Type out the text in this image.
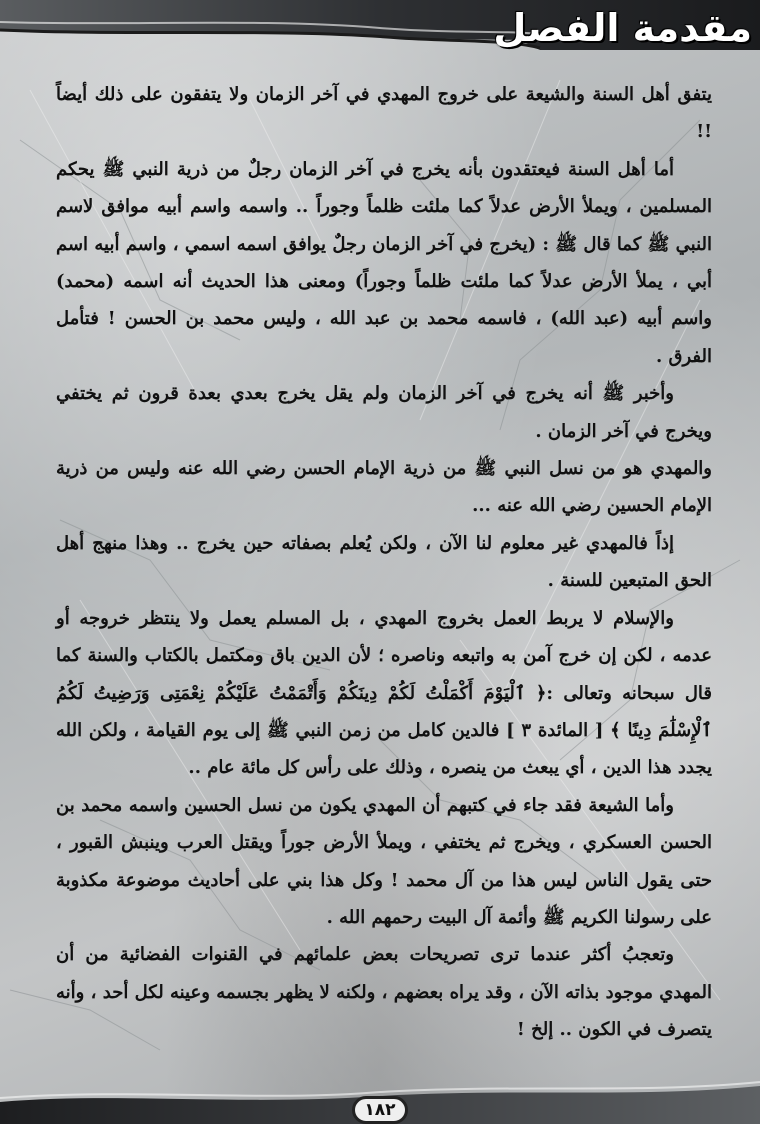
مقدمة الفصل

يتفق أهل السنة والشيعة على خروج المهدي في آخر الزمان ولا يتفقون على ذلك أيضاً !!

أما أهل السنة فيعتقدون بأنه يخرج في آخر الزمان رجلٌ من ذرية النبي ﷺ يحكم المسلمين ، ويملأ الأرض عدلاً كما ملئت ظلماً وجوراً .. واسمه واسم أبيه موافق لاسم النبي ﷺ كما قال ﷺ : (يخرج في آخر الزمان رجلٌ يوافق اسمه اسمي ، واسم أبيه اسم أبي ، يملأ الأرض عدلاً كما ملئت ظلماً وجوراً) ومعنى هذا الحديث أنه اسمه (محمد) واسم أبيه (عبد الله) ، فاسمه محمد بن عبد الله ، وليس محمد بن الحسن ! فتأمل الفرق .

وأخبر ﷺ أنه يخرج في آخر الزمان ولم يقل يخرج بعدي بعدة قرون ثم يختفي ويخرج في آخر الزمان .

والمهدي هو من نسل النبي ﷺ من ذرية الإمام الحسن رضي الله عنه وليس من ذرية الإمام الحسين رضي الله عنه ...

إذاً فالمهدي غير معلوم لنا الآن ، ولكن يُعلم بصفاته حين يخرج .. وهذا منهج أهل الحق المتبعين للسنة .

والإسلام لا يربط العمل بخروج المهدي ، بل المسلم يعمل ولا ينتظر خروجه أو عدمه ، لكن إن خرج آمن به واتبعه وناصره ؛ لأن الدين باق ومكتمل بالكتاب والسنة كما قال سبحانه وتعالى :﴿ ٱلْيَوْمَ أَكْمَلْتُ لَكُمْ دِينَكُمْ وَأَتْمَمْتُ عَلَيْكُمْ نِعْمَتِى وَرَضِيتُ لَكُمُ ٱلْإِسْلَٰمَ دِينًا ﴾ [ المائدة ٣ ] فالدين كامل من زمن النبي ﷺ إلى يوم القيامة ، ولكن الله يجدد هذا الدين ، أي يبعث من ينصره ، وذلك على رأس كل مائة عام ..

وأما الشيعة فقد جاء في كتبهم أن المهدي يكون من نسل الحسين واسمه محمد بن الحسن العسكري ، ويخرج ثم يختفي ، ويملأ الأرض جوراً ويقتل العرب وينبش القبور ، حتى يقول الناس ليس هذا من آل محمد ! وكل هذا بني على أحاديث موضوعة مكذوبة على رسولنا الكريم ﷺ وأئمة آل البيت رحمهم الله .

وتعجبُ أكثر عندما ترى تصريحات بعض علمائهم في القنوات الفضائية من أن المهدي موجود بذاته الآن ، وقد يراه بعضهم ، ولكنه لا يظهر بجسمه وعينه لكل أحد ، وأنه يتصرف في الكون .. إلخ !

١٨٢
